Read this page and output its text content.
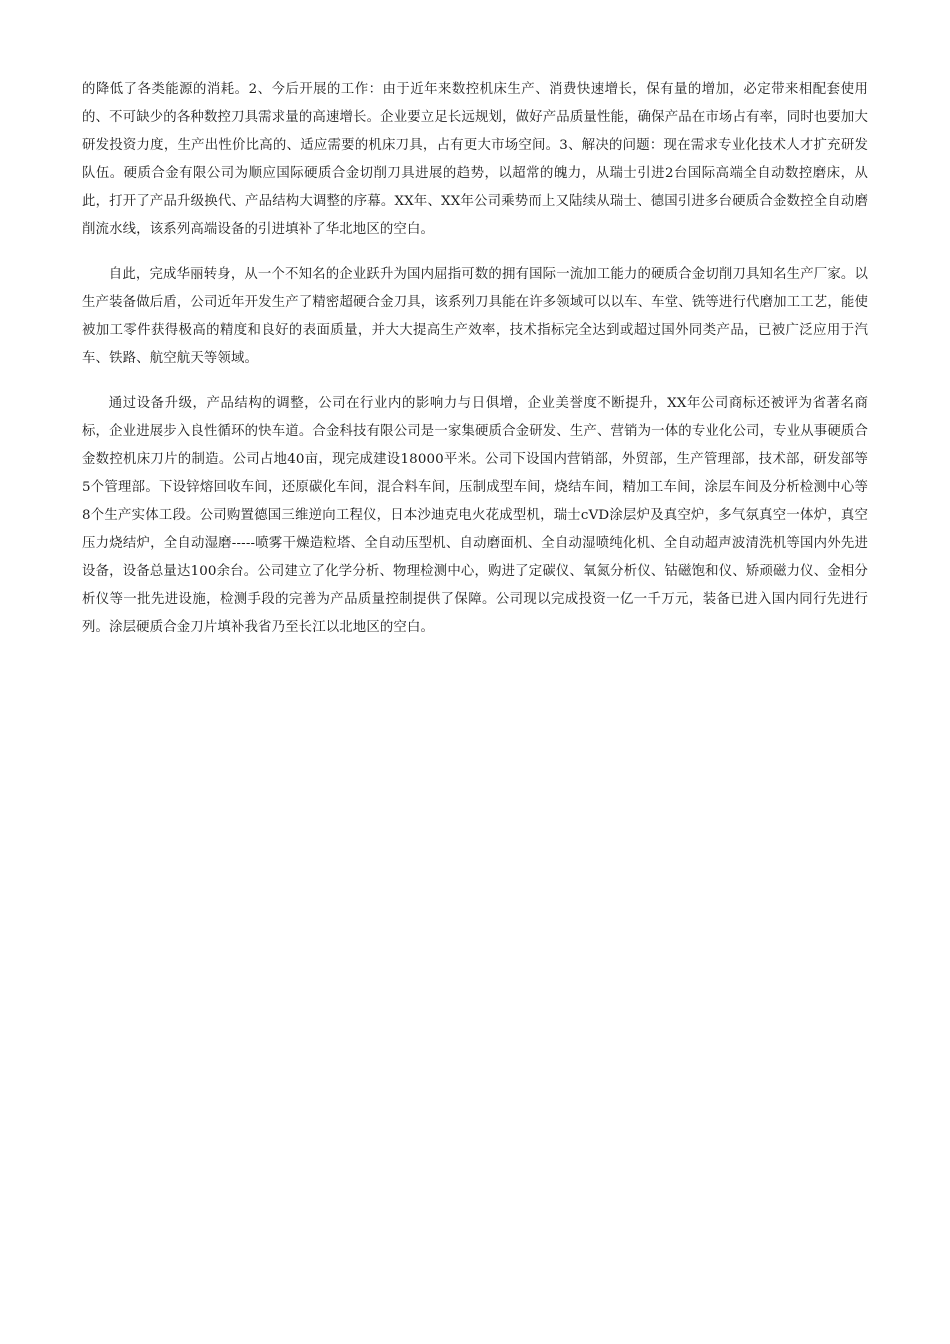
的降低了各类能源的消耗。2、今后开展的工作：由于近年来数控机床生产、消费快速增长，保有量的增加，必定带来相配套使用的、不可缺少的各种数控刀具需求量的高速增长。企业要立足长远规划，做好产品质量性能，确保产品在市场占有率，同时也要加大研发投资力度，生产出性价比高的、适应需要的机床刀具，占有更大市场空间。3、解决的问题：现在需求专业化技术人才扩充研发队伍。硬质合金有限公司为顺应国际硬质合金切削刀具进展的趋势，以超常的魄力，从瑞士引进2台国际高端全自动数控磨床，从此，打开了产品升级换代、产品结构大调整的序幕。XX年、XX年公司乘势而上又陆续从瑞士、德国引进多台硬质合金数控全自动磨削流水线，该系列高端设备的引进填补了华北地区的空白。

自此，完成华丽转身，从一个不知名的企业跃升为国内屈指可数的拥有国际一流加工能力的硬质合金切削刀具知名生产厂家。以生产装备做后盾，公司近年开发生产了精密超硬合金刀具，该系列刀具能在许多领域可以以车、车堂、铣等进行代磨加工工艺，能使被加工零件获得极高的精度和良好的表面质量，并大大提高生产效率，技术指标完全达到或超过国外同类产品，已被广泛应用于汽车、铁路、航空航天等领域。

通过设备升级，产品结构的调整，公司在行业内的影响力与日俱增，企业美誉度不断提升，XX年公司商标还被评为省著名商标，企业进展步入良性循环的快车道。合金科技有限公司是一家集硬质合金研发、生产、营销为一体的专业化公司，专业从事硬质合金数控机床刀片的制造。公司占地40亩，现完成建设18000平米。公司下设国内营销部，外贸部，生产管理部，技术部，研发部等5个管理部。下设锌熔回收车间，还原碳化车间，混合料车间，压制成型车间，烧结车间，精加工车间，涂层车间及分析检测中心等8个生产实体工段。公司购置德国三维逆向工程仪，日本沙迪克电火花成型机，瑞士cVD涂层炉及真空炉，多气氛真空一体炉，真空压力烧结炉，全自动湿磨-----喷雾干燥造粒塔、全自动压型机、自动磨面机、全自动湿喷纯化机、全自动超声波清洗机等国内外先进设备，设备总量达100余台。公司建立了化学分析、物理检测中心，购进了定碳仪、氧氮分析仪、钴磁饱和仪、矫顽磁力仪、金相分析仪等一批先进设施，检测手段的完善为产品质量控制提供了保障。公司现以完成投资一亿一千万元，装备已进入国内同行先进行列。涂层硬质合金刀片填补我省乃至长江以北地区的空白。
